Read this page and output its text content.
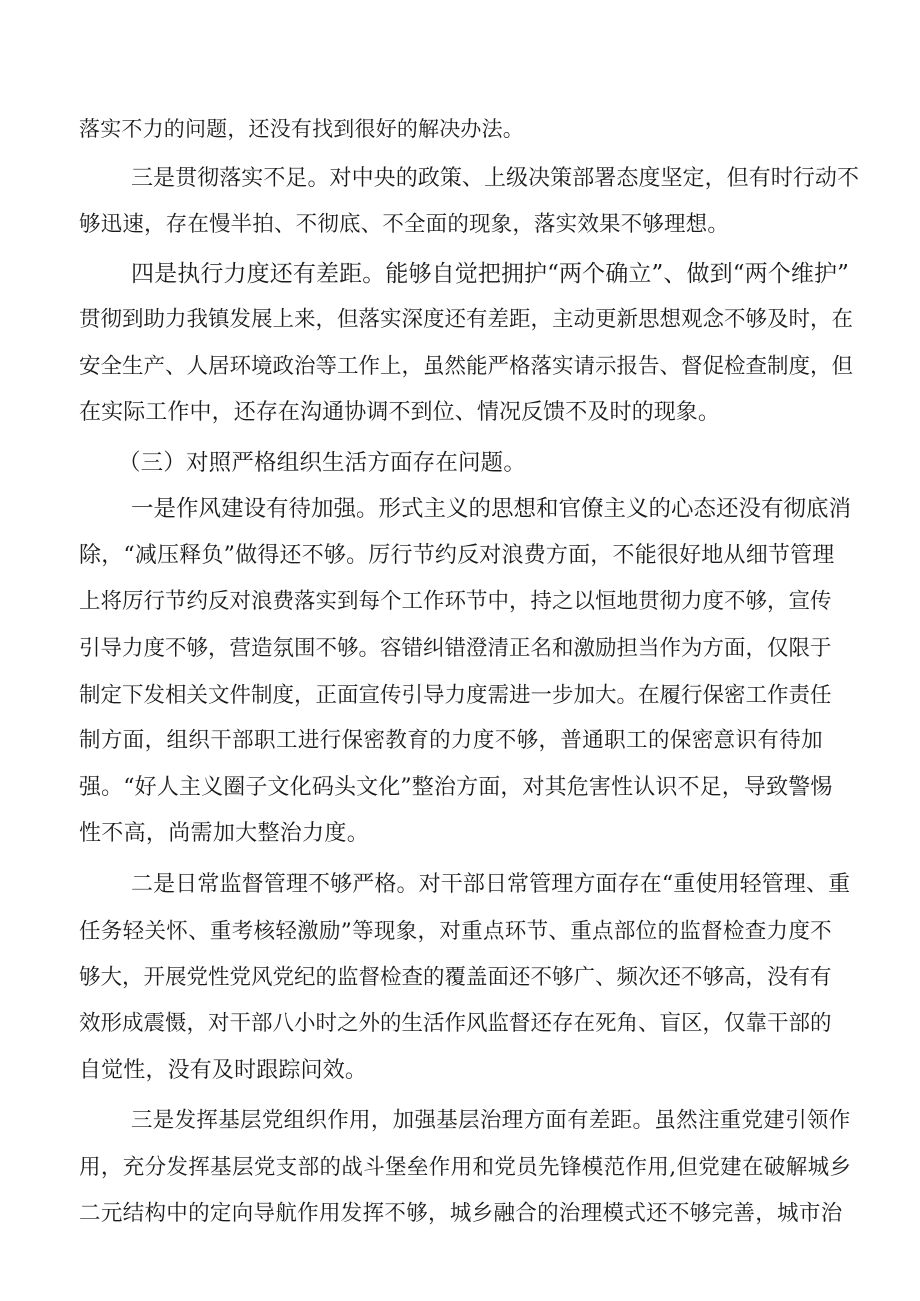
落实不力的问题，还没有找到很好的解决办法。
三是贯彻落实不足。对中央的政策、上级决策部署态度坚定，但有时行动不
够迅速，存在慢半拍、不彻底、不全面的现象，落实效果不够理想。
四是执行力度还有差距。能够自觉把拥护“两个确立”、做到“两个维护”
贯彻到助力我镇发展上来，但落实深度还有差距，主动更新思想观念不够及时，在
安全生产、人居环境政治等工作上，虽然能严格落实请示报告、督促检查制度，但
在实际工作中，还存在沟通协调不到位、情况反馈不及时的现象。
（三）对照严格组织生活方面存在问题。
一是作风建设有待加强。形式主义的思想和官僚主义的心态还没有彻底消
除，“减压释负”做得还不够。厉行节约反对浪费方面，不能很好地从细节管理
上将厉行节约反对浪费落实到每个工作环节中，持之以恒地贯彻力度不够，宣传
引导力度不够，营造氛围不够。容错纠错澄清正名和激励担当作为方面，仅限于
制定下发相关文件制度，正面宣传引导力度需进一步加大。在履行保密工作责任
制方面，组织干部职工进行保密教育的力度不够，普通职工的保密意识有待加
强。“好人主义圈子文化码头文化”整治方面，对其危害性认识不足，导致警惕
性不高，尚需加大整治力度。
二是日常监督管理不够严格。对干部日常管理方面存在“重使用轻管理、重
任务轻关怀、重考核轻激励”等现象，对重点环节、重点部位的监督检查力度不
够大，开展党性党风党纪的监督检查的覆盖面还不够广、频次还不够高，没有有
效形成震慑，对干部八小时之外的生活作风监督还存在死角、盲区，仅靠干部的
自觉性，没有及时跟踪问效。
三是发挥基层党组织作用，加强基层治理方面有差距。虽然注重党建引领作
用，充分发挥基层党支部的战斗堡垒作用和党员先锋模范作用,但党建在破解城乡
二元结构中的定向导航作用发挥不够，城乡融合的治理模式还不够完善，城市治
